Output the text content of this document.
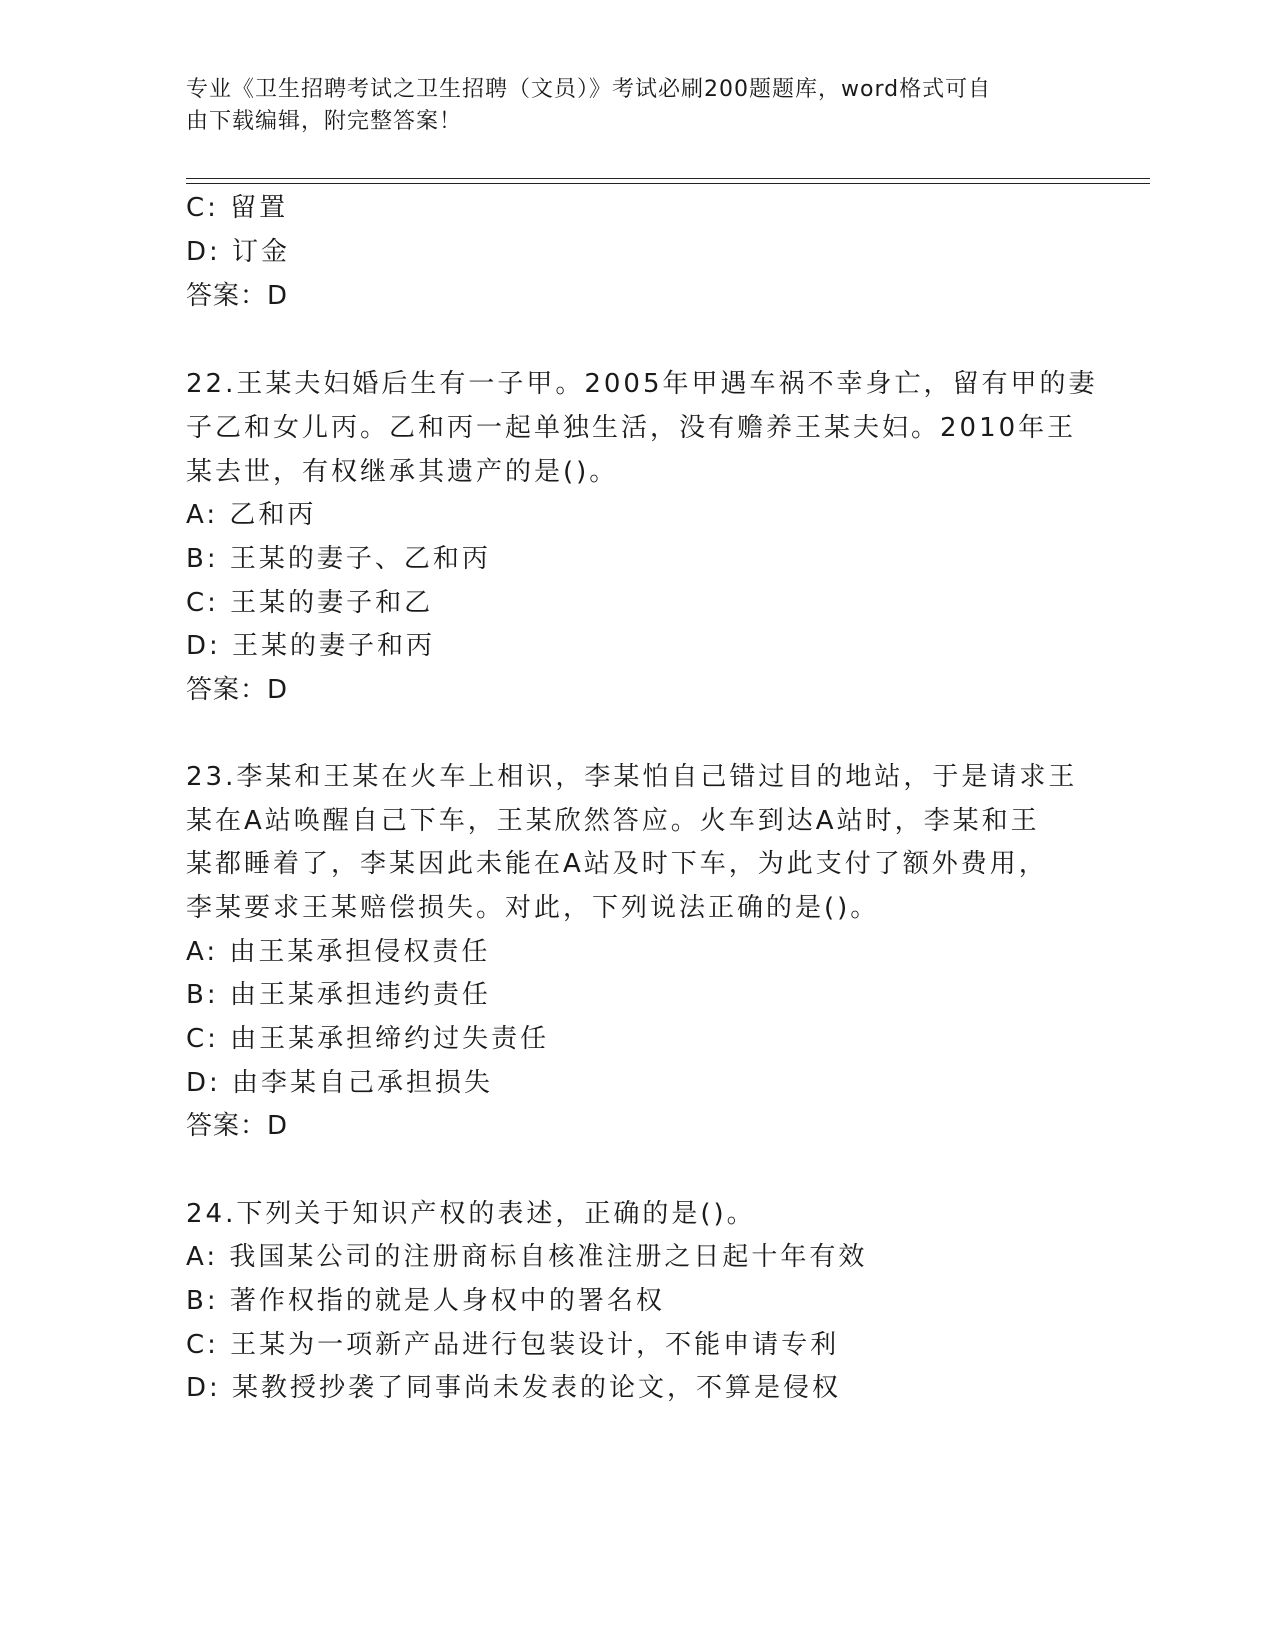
专业《卫生招聘考试之卫生招聘（文员）》考试必刷200题题库，word格式可自
由下载编辑，附完整答案！
C: 留置
D: 订金
答案：D
22.王某夫妇婚后生有一子甲。2005年甲遇车祸不幸身亡，留有甲的妻
子乙和女儿丙。乙和丙一起单独生活，没有赡养王某夫妇。2010年王
某去世，有权继承其遗产的是()。
A: 乙和丙
B: 王某的妻子、乙和丙
C: 王某的妻子和乙
D: 王某的妻子和丙
答案：D
23.李某和王某在火车上相识，李某怕自己错过目的地站，于是请求王
某在A站唤醒自己下车，王某欣然答应。火车到达A站时，李某和王
某都睡着了，李某因此未能在A站及时下车，为此支付了额外费用，
李某要求王某赔偿损失。对此，下列说法正确的是()。
A: 由王某承担侵权责任
B: 由王某承担违约责任
C: 由王某承担缔约过失责任
D: 由李某自己承担损失
答案：D
24.下列关于知识产权的表述，正确的是()。
A: 我国某公司的注册商标自核准注册之日起十年有效
B: 著作权指的就是人身权中的署名权
C: 王某为一项新产品进行包装设计，不能申请专利
D: 某教授抄袭了同事尚未发表的论文，不算是侵权
